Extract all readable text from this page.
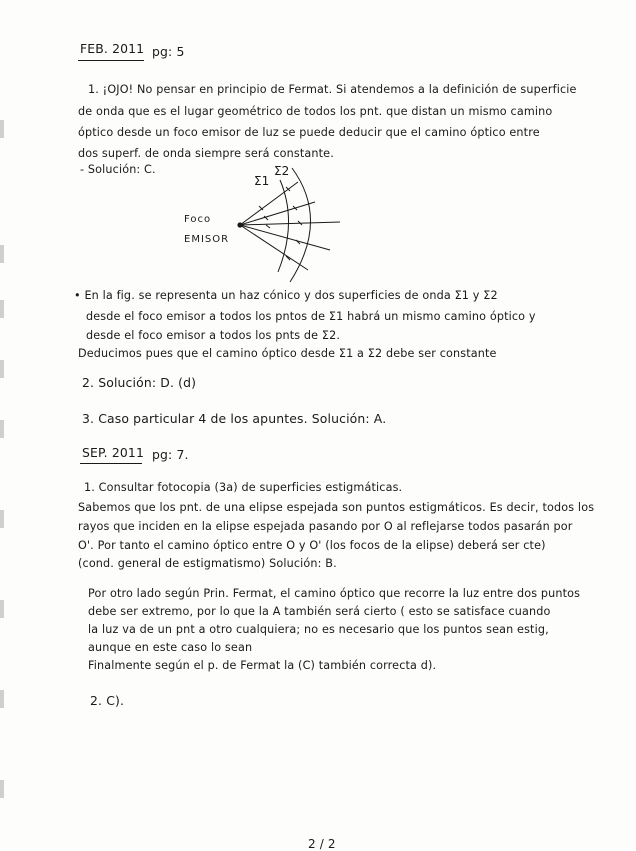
FEB. 2011 pg: 5
1. ¡OJO! No pensar en principio de Fermat. Si atendemos a la definición de superficie
de onda que es el lugar geométrico de todos los pnt. que distan un mismo camino
óptico desde un foco emisor de luz se puede deducir que el camino óptico entre
dos superf. de onda siempre será constante.
- Solución: C.
Σ1
Σ2
Foco
EMISOR
• En la fig. se representa un haz cónico y dos superficies de onda Σ1 y Σ2
desde el foco emisor a todos los pntos de Σ1 habrá un mismo camino óptico y
desde el foco emisor a todos los pnts de Σ2.
Deducimos pues que el camino óptico desde Σ1 a Σ2 debe ser constante
2. Solución: D. (d)
3. Caso particular 4 de los apuntes. Solución: A.
SEP. 2011 pg: 7.
1. Consultar fotocopia (3a) de superficies estigmáticas.
Sabemos que los pnt. de una elipse espejada son puntos estigmáticos. Es decir, todos los
rayos que inciden en la elipse espejada pasando por O al reflejarse todos pasarán por
O'. Por tanto el camino óptico entre O y O' (los focos de la elipse) deberá ser cte)
(cond. general de estigmatismo) Solución: B.
Por otro lado según Prin. Fermat, el camino óptico que recorre la luz entre dos puntos
debe ser extremo, por lo que la A también será cierto ( esto se satisface cuando
la luz va de un pnt a otro cualquiera; no es necesario que los puntos sean estig,
aunque en este caso lo sean
Finalmente según el p. de Fermat la (C) también correcta d).
2. C).
2 / 2
